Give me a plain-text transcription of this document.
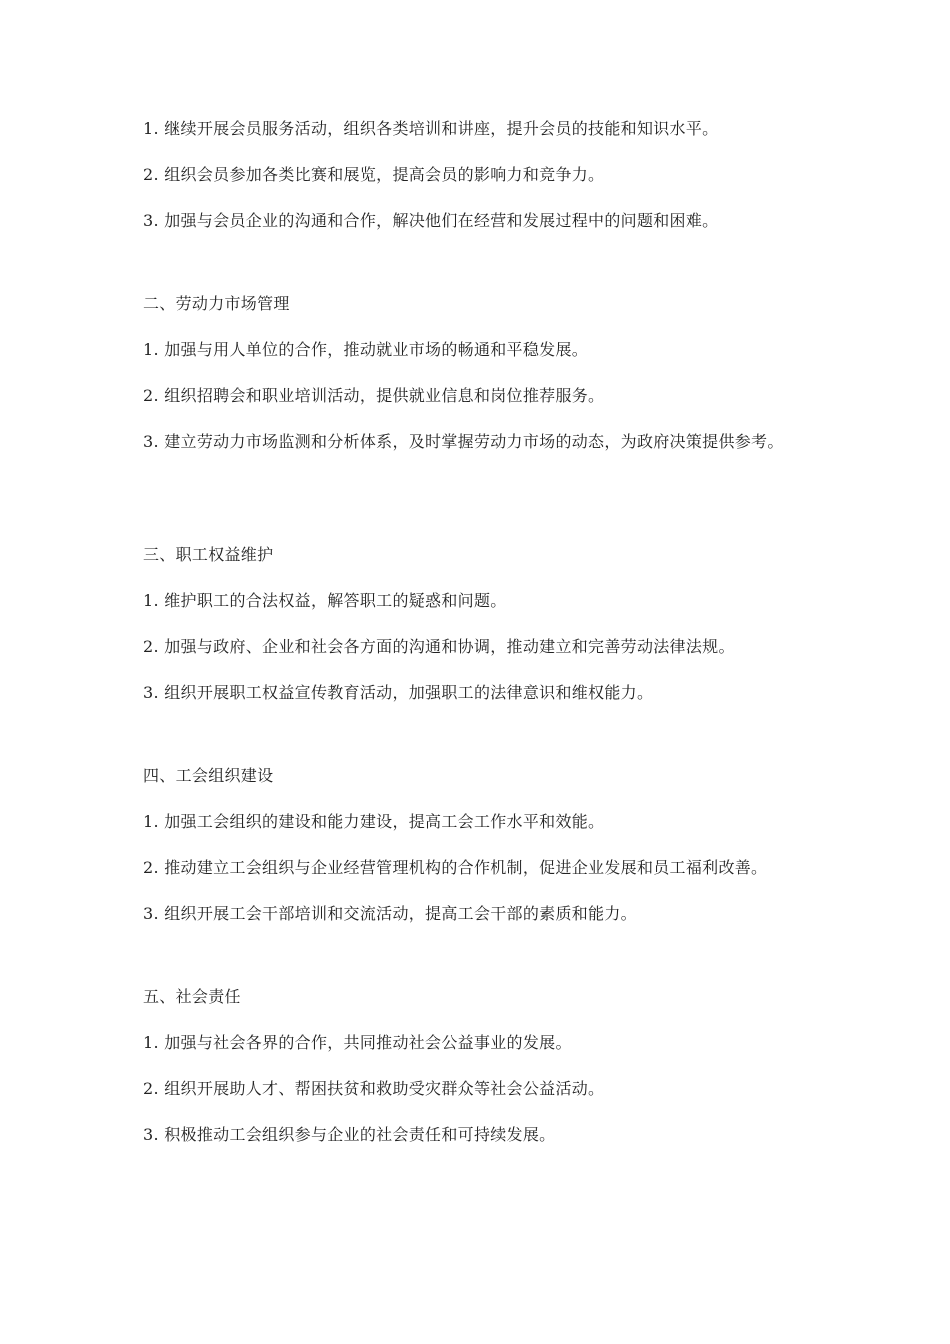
1. 继续开展会员服务活动，组织各类培训和讲座，提升会员的技能和知识水平。
2. 组织会员参加各类比赛和展览，提高会员的影响力和竞争力。
3. 加强与会员企业的沟通和合作，解决他们在经营和发展过程中的问题和困难。
二、劳动力市场管理
1. 加强与用人单位的合作，推动就业市场的畅通和平稳发展。
2. 组织招聘会和职业培训活动，提供就业信息和岗位推荐服务。
3. 建立劳动力市场监测和分析体系，及时掌握劳动力市场的动态，为政府决策提供参考。
三、职工权益维护
1. 维护职工的合法权益，解答职工的疑惑和问题。
2. 加强与政府、企业和社会各方面的沟通和协调，推动建立和完善劳动法律法规。
3. 组织开展职工权益宣传教育活动，加强职工的法律意识和维权能力。
四、工会组织建设
1. 加强工会组织的建设和能力建设，提高工会工作水平和效能。
2. 推动建立工会组织与企业经营管理机构的合作机制，促进企业发展和员工福利改善。
3. 组织开展工会干部培训和交流活动，提高工会干部的素质和能力。
五、社会责任
1. 加强与社会各界的合作，共同推动社会公益事业的发展。
2. 组织开展助人才、帮困扶贫和救助受灾群众等社会公益活动。
3. 积极推动工会组织参与企业的社会责任和可持续发展。
